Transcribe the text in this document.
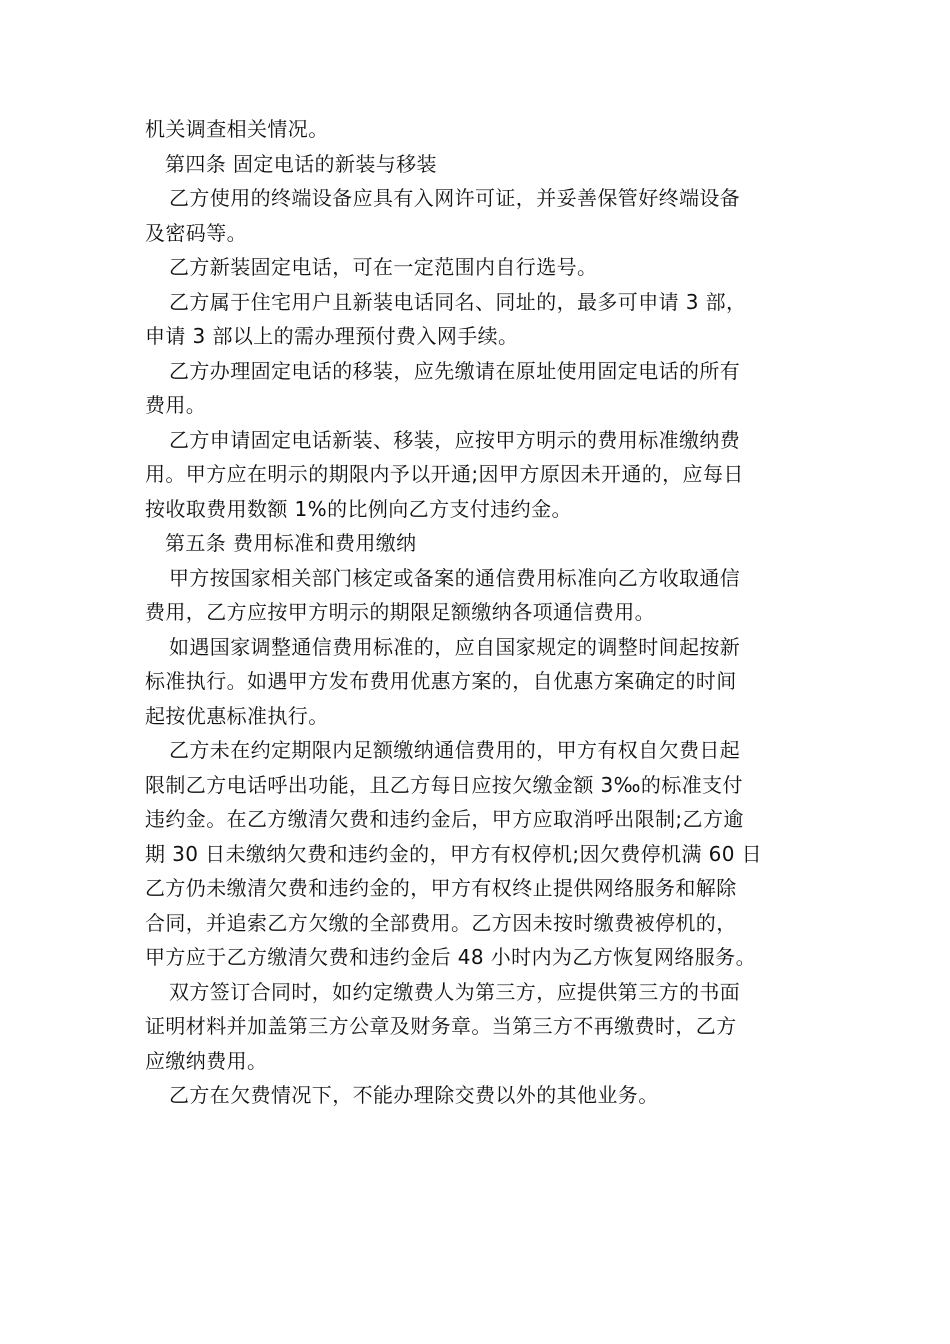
机关调查相关情况。
第四条 固定电话的新装与移装
乙方使用的终端设备应具有入网许可证，并妥善保管好终端设备
及密码等。
乙方新装固定电话，可在一定范围内自行选号。
乙方属于住宅用户且新装电话同名、同址的，最多可申请 3 部，
申请 3 部以上的需办理预付费入网手续。
乙方办理固定电话的移装，应先缴请在原址使用固定电话的所有
费用。
乙方申请固定电话新装、移装，应按甲方明示的费用标准缴纳费
用。甲方应在明示的期限内予以开通;因甲方原因未开通的，应每日
按收取费用数额 1%的比例向乙方支付违约金。
第五条 费用标准和费用缴纳
甲方按国家相关部门核定或备案的通信费用标准向乙方收取通信
费用，乙方应按甲方明示的期限足额缴纳各项通信费用。
如遇国家调整通信费用标准的，应自国家规定的调整时间起按新
标准执行。如遇甲方发布费用优惠方案的，自优惠方案确定的时间
起按优惠标准执行。
乙方未在约定期限内足额缴纳通信费用的，甲方有权自欠费日起
限制乙方电话呼出功能，且乙方每日应按欠缴金额 3‰的标准支付
违约金。在乙方缴清欠费和违约金后，甲方应取消呼出限制;乙方逾
期 30 日未缴纳欠费和违约金的，甲方有权停机;因欠费停机满 60 日
乙方仍未缴清欠费和违约金的，甲方有权终止提供网络服务和解除
合同，并追索乙方欠缴的全部费用。乙方因未按时缴费被停机的，
甲方应于乙方缴清欠费和违约金后 48 小时内为乙方恢复网络服务。
双方签订合同时，如约定缴费人为第三方，应提供第三方的书面
证明材料并加盖第三方公章及财务章。当第三方不再缴费时，乙方
应缴纳费用。
乙方在欠费情况下，不能办理除交费以外的其他业务。
